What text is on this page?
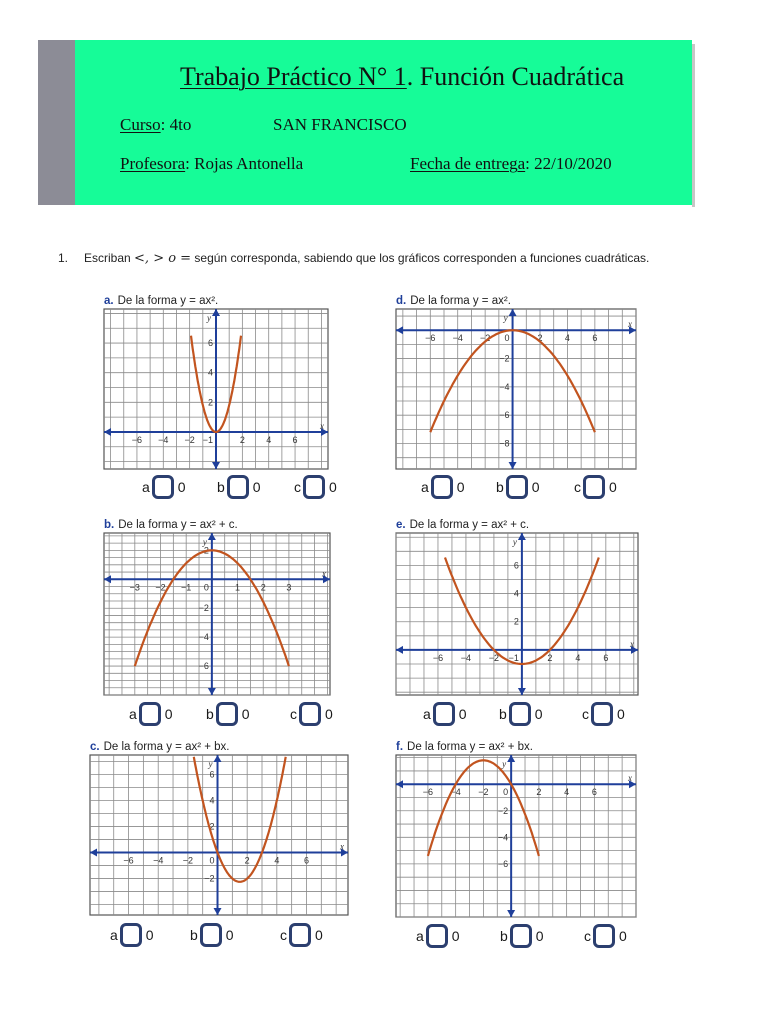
Trabajo Práctico N° 1. Función Cuadrática
Curso: 4to	SAN FRANCISCO
Profesora: Rojas Antonella	Fecha de entrega: 22/10/2020
1. Escriban <, > o = según corresponda, sabiendo que los gráficos corresponden a funciones cuadráticas.
a. De la forma y = ax².
−6 −4 −2	2 4 6
2
4
6
−1
x
y
a 0 b 0 c 0
d. De la forma y = ax².
−6 −4 −2	2 4 6
−2
−4
−6
−8
0
x
y
a 0 b 0 c 0
b. De la forma y = ax² + c.
−3 −2 −1	1 2 3
2
−2
−4
−6
0
x
y
a 0 b 0	c 0
e. De la forma y = ax² + c.
−6 −4 −2	2	4	6
2
4
6
−1
x
y
a 0 b 0	c 0
c. De la forma y = ax² + bx.
−6 −4 −2	2	4	6
6
4
2
−2
0
x
y
a 0	b 0	c 0
f. De la forma y = ax² + bx.
−6 −4 −2	2	4	6
−2
−4
−6
0
x
y
a 0	b 0	c 0
